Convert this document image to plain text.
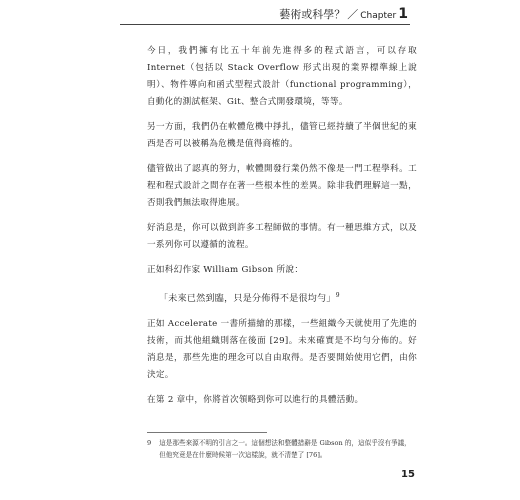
藝術或科學？ ／ Chapter 1

今日，我們擁有比五十年前先進得多的程式語言，可以存取 Internet（包括以 Stack Overflow 形式出現的業界標準線上說明）、物件導向和函式型程式設計（functional programming），自動化的測試框架、Git、整合式開發環境，等等。

另一方面，我們仍在軟體危機中掙扎，儘管已經持續了半個世紀的東西是否可以被稱為危機是值得商榷的。

儘管做出了認真的努力，軟體開發行業仍然不像是一門工程學科。工程和程式設計之間存在著一些根本性的差異。除非我們理解這一點，否則我們無法取得進展。

好消息是，你可以做到許多工程師做的事情。有一種思維方式，以及一系列你可以遵循的流程。

正如科幻作家 William Gibson 所說：

「未來已然到臨，只是分佈得不是很均勻」$^9$

正如 Accelerate 一書所描繪的那樣，一些組織今天就使用了先進的技術，而其他組織則落在後面 [29]。未來確實是不均勻分佈的。好消息是，那些先進的理念可以自由取得。是否要開始使用它們，由你決定。

在第 2 章中，你將首次領略到你可以進行的具體活動。

9 這是那些來源不明的引言之一。這個想法和整體措辭是 Gibson 的，這似乎沒有爭議，但他究竟是在什麼時候第一次這樣說，就不清楚了 [76]。
15
